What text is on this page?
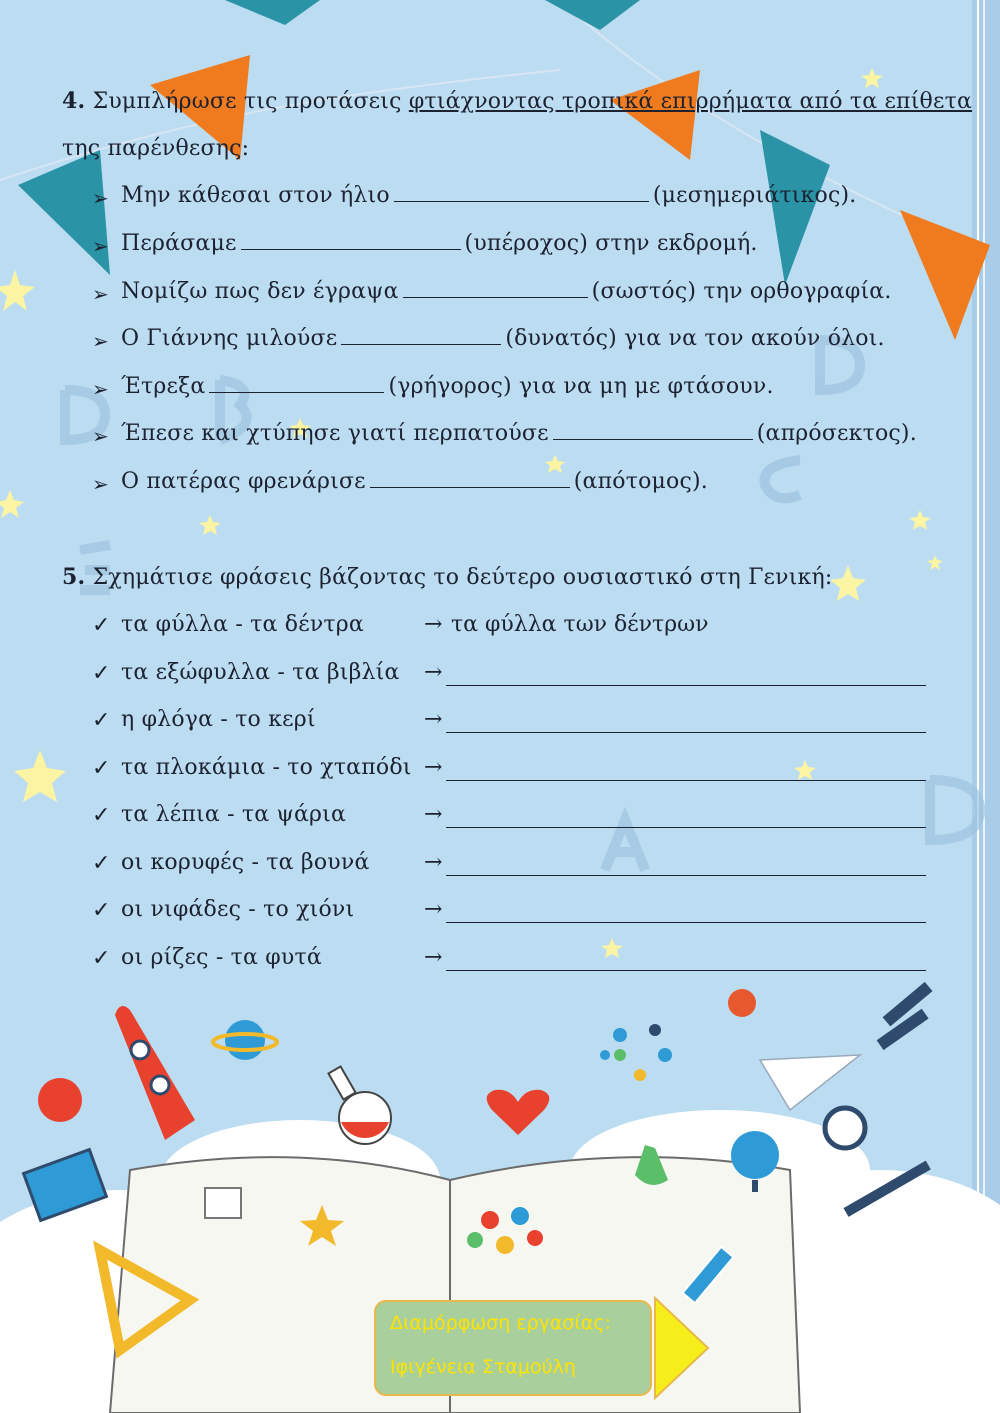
4. Συμπλήρωσε τις προτάσεις φτιάχνοντας τροπικά επιρρήματα από τα επίθετα
της παρένθεσης:
➢ Μην κάθεσαι στον ήλιο	(μεσημεριάτικος).
➢ Περάσαμε	(υπέροχος) στην εκδρομή.
➢ Νομίζω πως δεν έγραψα	(σωστός) την ορθογραφία.
➢ Ο Γιάννης μιλούσε	(δυνατός) για να τον ακούν όλοι.
➢ Έτρεξα	(γρήγορος) για να μη με φτάσουν.
➢ Έπεσε και χτύπησε γιατί περπατούσε	(απρόσεκτος).
➢ Ο πατέρας φρενάρισε	(απότομος).
5. Σχημάτισε φράσεις βάζοντας το δεύτερο ουσιαστικό στη Γενική:
✓ τα φύλλα - τα δέντρα	→ τα φύλλα των δέντρων
✓ τα εξώφυλλα - τα βιβλία →
✓ η φλόγα - το κερί	→
✓ τα πλοκάμια - το χταπόδι →
✓ τα λέπια - τα ψάρια	→
✓ οι κορυφές - τα βουνά →
✓ οι νιφάδες - το χιόνι	→
✓ οι ρίζες - τα φυτά	→
Διαμόρφωση εργασίας:
Ιφιγένεια Σταμούλη
